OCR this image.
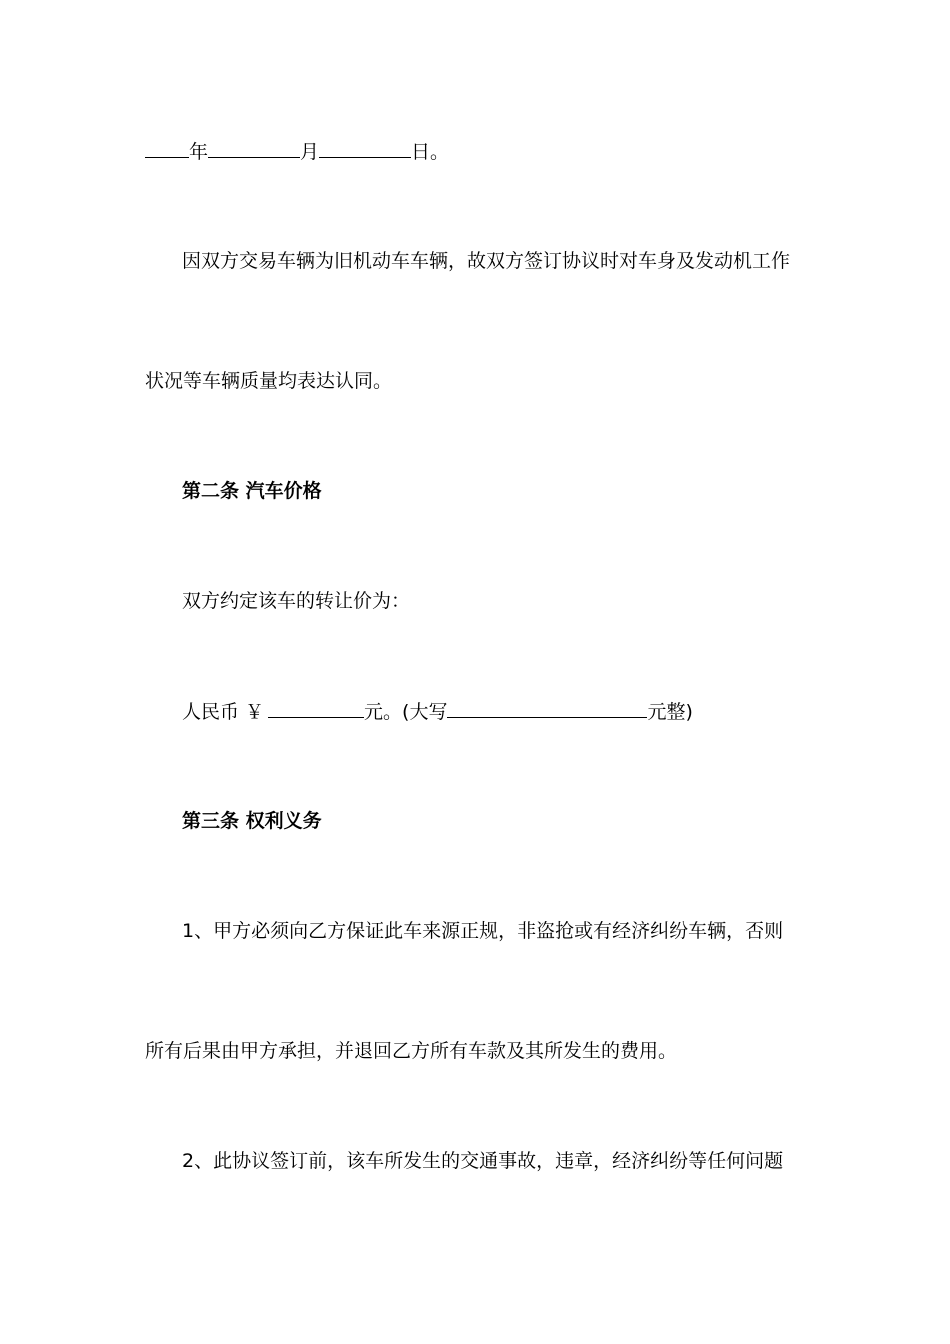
年	月	日。
因双方交易车辆为旧机动车车辆，故双方签订协议时对车身及发动机工作
状况等车辆质量均表达认同。
第二条 汽车价格
双方约定该车的转让价为：
人民币 ￥	元。(大写	元整)
第三条 权利义务
1、甲方必须向乙方保证此车来源正规，非盗抢或有经济纠纷车辆，否则
所有后果由甲方承担，并退回乙方所有车款及其所发生的费用。
2、此协议签订前，该车所发生的交通事故，违章，经济纠纷等任何问题
